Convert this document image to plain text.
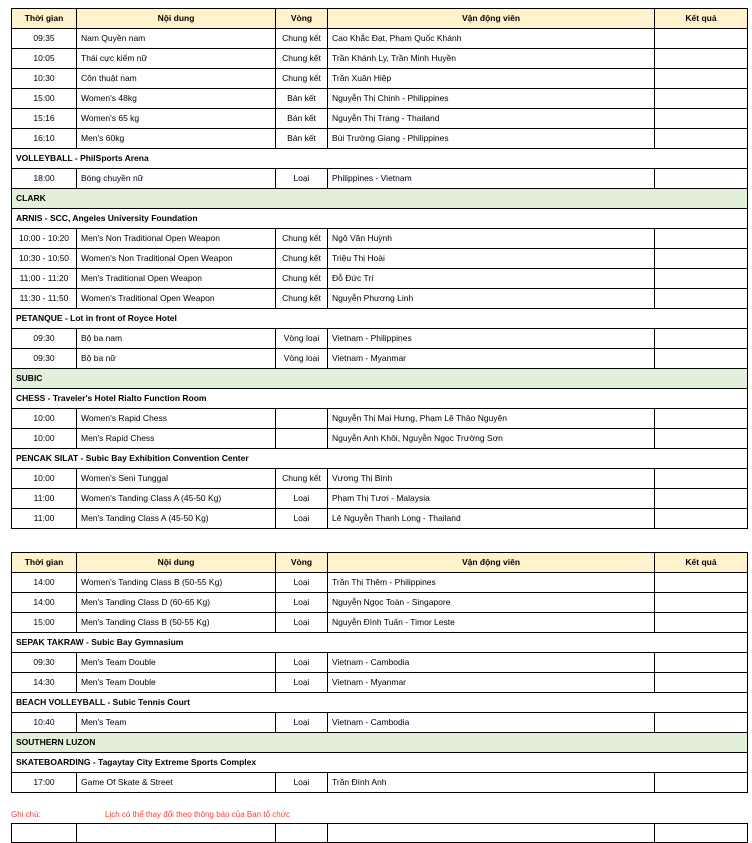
Thời gian	Nội dung	Vòng	Vận động viên	Kết quả
09:35	Nam Quyền nam	Chung kết	Cao Khắc Đạt, Phạm Quốc Khánh	
10:05	Thái cực kiếm nữ	Chung kết	Trần Khánh Ly, Trần Minh Huyền	
10:30	Côn thuật nam	Chung kết	Trần Xuân Hiệp	
15:00	Women's 48kg	Bán kết	Nguyễn Thị Chinh - Philippines	
15:16	Women's 65 kg	Bán kết	Nguyễn Thị Trang - Thailand	
16:10	Men's 60kg	Bán kết	Bùi Trường Giang - Philippines	
VOLLEYBALL - PhilSports Arena				
18:00	Bóng chuyền nữ	Loại	Philippines - Vietnam	
CLARK				
ARNIS - SCC, Angeles University Foundation				
10:00 - 10:20	Men's Non Traditional Open Weapon	Chung kết	Ngô Văn Huỳnh	
10:30 - 10:50	Women's Non Traditional Open Weapon	Chung kết	Triệu Thị Hoài	
11:00 - 11:20	Men's Traditional Open Weapon	Chung kết	Đỗ Đức Trí	
11:30 - 11:50	Women's Traditional Open Weapon	Chung kết	Nguyễn Phương Linh	
PETANQUE - Lot in front of Royce Hotel				
09:30	Bộ ba nam	Vòng loại	Vietnam - Philippines	
09:30	Bộ ba nữ	Vòng loại	Vietnam - Myanmar	
SUBIC				
CHESS - Traveler's Hotel Rialto Function Room				
10:00	Women's Rapid Chess		Nguyễn Thị Mai Hưng, Phạm Lê Thảo Nguyên	
10:00	Men's Rapid Chess		Nguyễn Anh Khôi, Nguyễn Ngọc Trường Sơn	
PENCAK SILAT - Subic Bay Exhibition Convention Center				
10:00	Women's Seni Tunggal	Chung kết	Vương Thị Bình	
11:00	Women's Tanding Class A (45-50 Kg)	Loại	Phạm Thị Tươi - Malaysia	
11:00	Men's Tanding Class A (45-50 Kg)	Loại	Lê Nguyễn Thanh Long - Thailand	
Thời gian	Nội dung	Vòng	Vận động viên	Kết quả
14:00	Women's Tanding Class B (50-55 Kg)	Loại	Trần Thị Thêm - Philippines	
14:00	Men's Tanding Class D (60-65 Kg)	Loại	Nguyễn Ngọc Toàn - Singapore	
15:00	Men's Tanding Class B (50-55 Kg)	Loại	Nguyễn Đình Tuấn - Timor Leste	
SEPAK TAKRAW - Subic Bay Gymnasium				
09:30	Men's Team Double	Loại	Vietnam - Cambodia	
14:30	Men's Team Double	Loại	Vietnam - Myanmar	
BEACH VOLLEYBALL - Subic Tennis Court				
10:40	Men's Team	Loại	Vietnam - Cambodia	
SOUTHERN LUZON				
SKATEBOARDING - Tagaytay City Extreme Sports Complex				
17:00	Game Of Skate & Street	Loại	Trần Đình Anh	
Ghi chú:	Lịch có thể thay đổi theo thông báo của Ban tổ chức
